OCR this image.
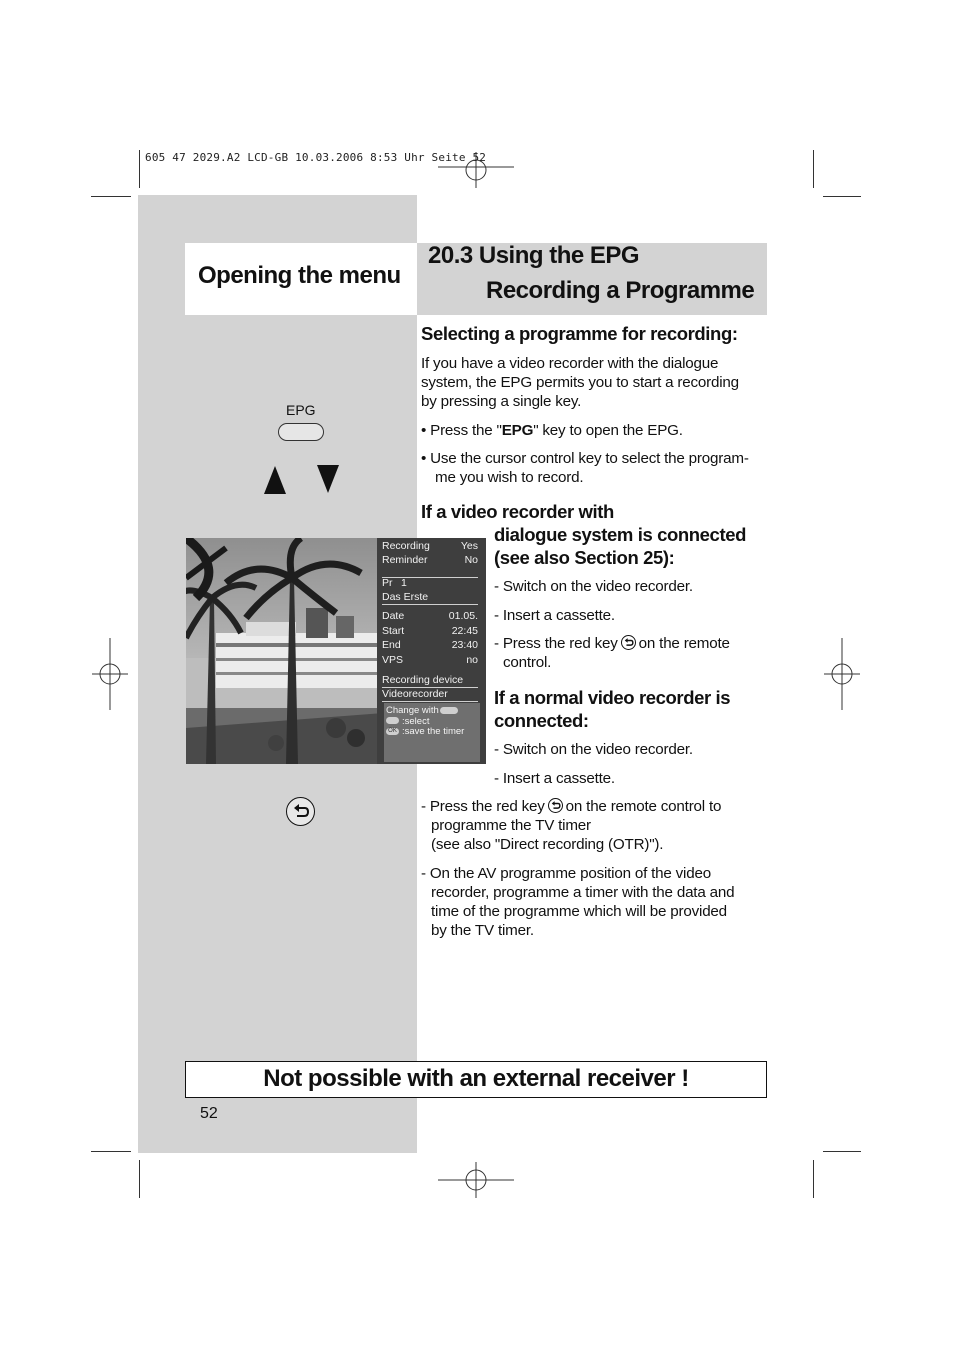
605 47 2029.A2 LCD-GB 10.03.2006 8:53 Uhr Seite 52
Opening the menu
20.3 Using the EPG
Recording a Programme
EPG
Recording	Yes
Reminder	No
Pr 1
Das Erste
Date	01.05.
Start	22:45
End	23:40
VPS	no
Recording device
Videorecorder
Change with
:select
OK :save the timer
Selecting a programme for recording:
If you have a video recorder with the dialogue
system, the EPG permits you to start a recording
by pressing a single key.
• Press the "EPG" key to open the EPG.
• Use the cursor control key to select the program-
me you wish to record.
If a video recorder with
dialogue system is connected
(see also Section 25):
- Switch on the video recorder.
- Insert a cassette.
- Press the red key on the remote
control.
If a normal video recorder is
connected:
- Switch on the video recorder.
- Insert a cassette.
- Press the red key on the remote control to
programme the TV timer
(see also "Direct recording (OTR)").
- On the AV programme position of the video
recorder, programme a timer with the data and
time of the programme which will be provided
by the TV timer.
Not possible with an external receiver !
52
